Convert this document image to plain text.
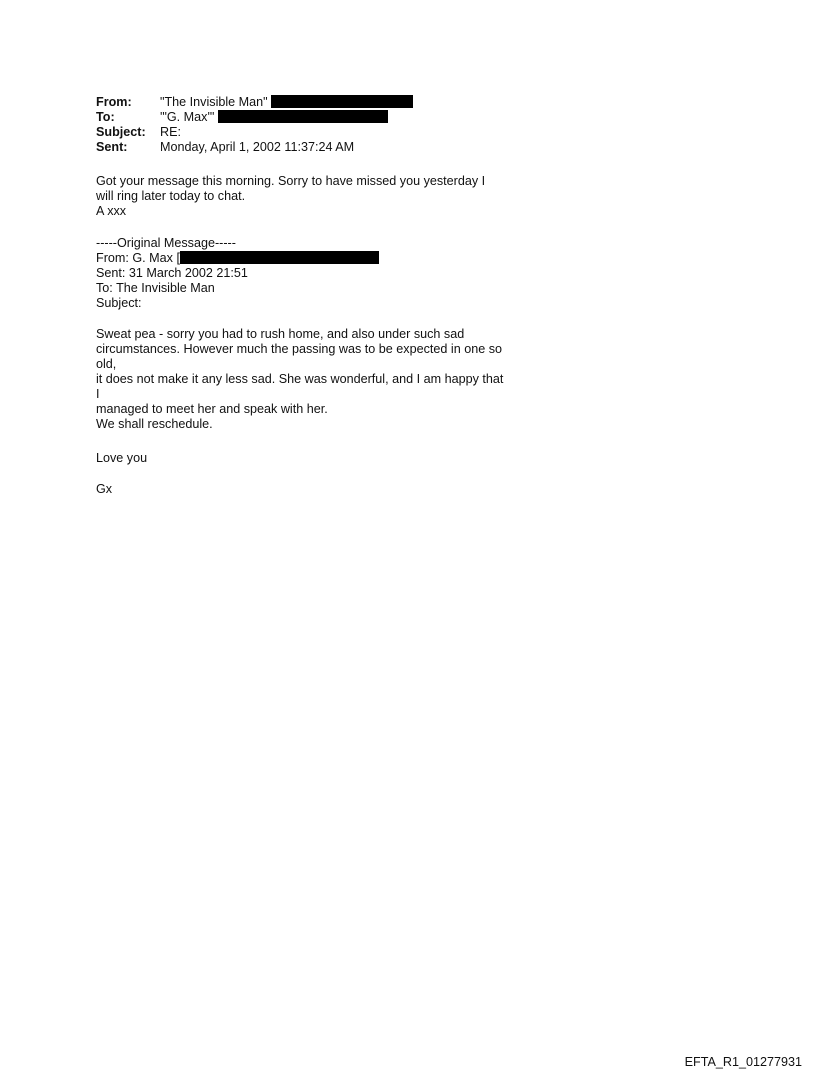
From: "The Invisible Man"
To:	'"G. Max'"
Subject: RE:
Sent:	Monday, April 1, 2002 11:37:24 AM
Got your message this morning. Sorry to have missed you yesterday I
will ring later today to chat.
A xxx
-----Original Message-----
From: G. Max [
Sent: 31 March 2002 21:51
To: The Invisible Man
Subject:
Sweat pea - sorry you had to rush home, and also under such sad
circumstances. However much the passing was to be expected in one so
old,
it does not make it any less sad. She was wonderful, and I am happy that
I
managed to meet her and speak with her.
We shall reschedule.
Love you
Gx
EFTA_R1_01277931
